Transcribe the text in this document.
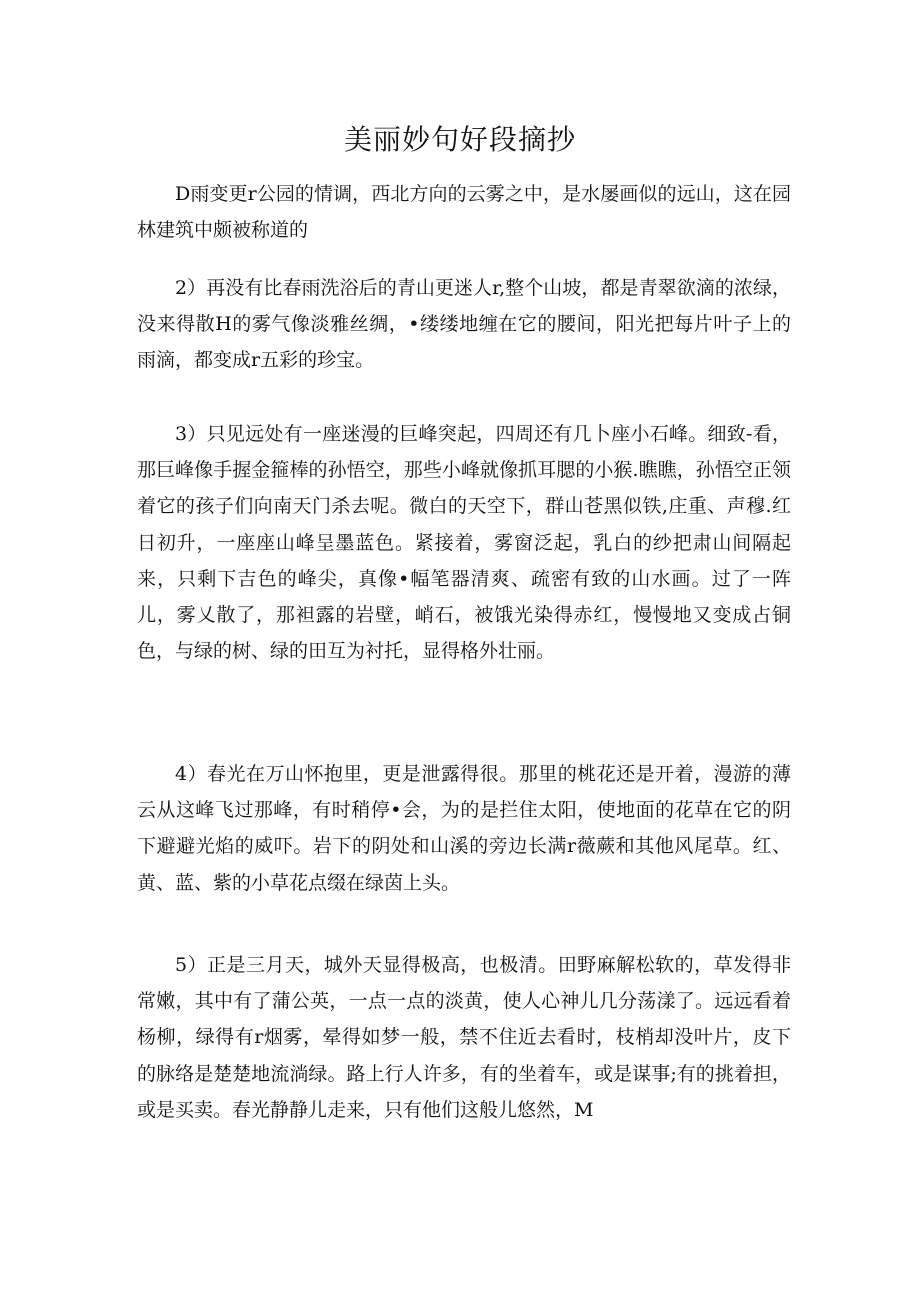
美丽妙句好段摘抄

D雨变更r公园的情调，西北方向的云雾之中，是水屡画似的远山，这在园林建筑中颇被称道的

2）再没有比春雨洗浴后的青山更迷人r,整个山坡，都是青翠欲滴的浓绿，没来得散H的雾气像淡雅丝绸，•缕缕地缠在它的腰间，阳光把每片叶子上的雨滴，都变成r五彩的珍宝。

3）只见远处有一座迷漫的巨峰突起，四周还有几卜座小石峰。细致-看，那巨峰像手握金箍棒的孙悟空，那些小峰就像抓耳腮的小猴.瞧瞧，孙悟空正领着它的孩子们向南天门杀去呢。微白的天空下，群山苍黑似铁,庄重、声穆.红日初升，一座座山峰呈墨蓝色。紧接着，雾窗泛起，乳白的纱把肃山间隔起来，只剩下吉色的峰尖，真像•幅笔器清爽、疏密有致的山水画。过了一阵儿，雾乂散了，那袒露的岩壁，峭石，被饿光染得赤红，慢慢地又变成占铜色，与绿的树、绿的田互为衬托，显得格外壮丽。

4）春光在万山怀抱里，更是泄露得很。那里的桃花还是开着，漫游的薄云从这峰飞过那峰，有时稍停•会，为的是拦住太阳，使地面的花草在它的阴下避避光焰的威吓。岩下的阴处和山溪的旁边长满r薇蕨和其他风尾草。红、黄、蓝、紫的小草花点缀在绿茵上头。

5）正是三月天，城外天显得极高，也极清。田野麻解松软的，草发得非常嫩，其中有了蒲公英，一点一点的淡黄，使人心神儿几分荡漾了。远远看着杨柳，绿得有r烟雾，晕得如梦一般，禁不住近去看时，枝梢却没叶片，皮下的脉络是楚楚地流淌绿。路上行人许多，有的坐着车，或是谋事;有的挑着担，或是买卖。春光静静儿走来，只有他们这般儿悠然，M
